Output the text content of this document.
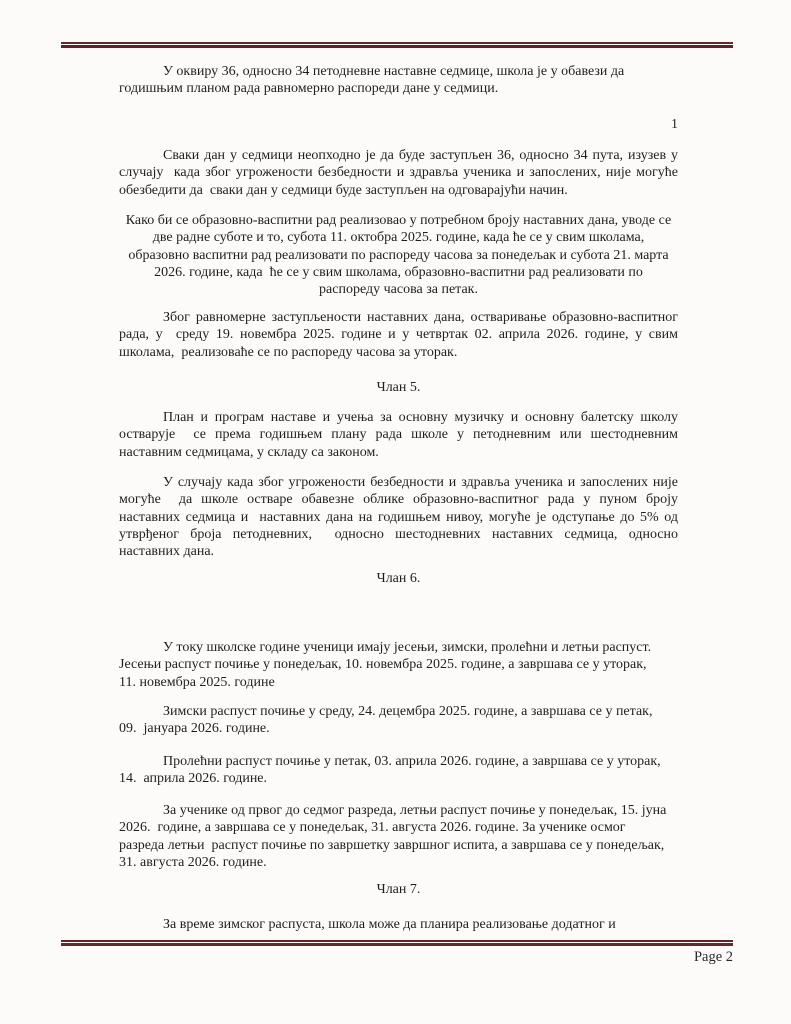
У оквиру 36, односно 34 петодневне наставне седмице, школа је у обавези да
годишњим планом рада равномерно распореди дане у седмици.
1
Сваки дан у седмици неопходно је да буде заступљен 36, односно 34 пута, изузев у
случају  када због угрожености безбедности и здравља ученика и запослених, није могуће
обезбедити да  сваки дан у седмици буде заступљен на одговарајући начин.
Како би се образовно-васпитни рад реализовао у потребном броју наставних дана, уводе се
две радне суботе и то, субота 11. октобра 2025. године, када ће се у свим школама,
образовно васпитни рад реализовати по распореду часова за понедељак и субота 21. марта
2026. године, када  ће се у свим школама, образовно-васпитни рад реализовати по
распореду часова за петак.
Због равномерне заступљености наставних дана, остваривање образовно-васпитног
рада, у  среду 19. новембра 2025. године и у четвртак 02. априла 2026. године, у свим
школама,  реализоваће се по распореду часова за уторак.
Члан 5.
План и програм наставе и учења за основну музичку и основну балетску школу
остварује  се према годишњем плану рада школе у петодневним или шестодневним
наставним седмицама, у складу са законом.
У случају када због угрожености безбедности и здравља ученика и запослених није
могуће  да школе остваре обавезне облике образовно-васпитног рада у пуном броју
наставних седмица и  наставних дана на годишњем нивоу, могуће је одступање до 5% од
утврђеног броја петодневних,  односно шестодневних наставних седмица, односно
наставних дана.
Члан 6.
У току школске године ученици имају јесењи, зимски, пролећни и летњи распуст.
Јесењи распуст почиње у понедељак, 10. новембра 2025. године, а завршава се у уторак,
11. новембра 2025. године
Зимски распуст почиње у среду, 24. децембра 2025. године, а завршава се у петак,
09.  јануара 2026. године.
Пролећни распуст почиње у петак, 03. априла 2026. године, а завршава се у уторак,
14.  априла 2026. године.
За ученике од првог до седмог разреда, летњи распуст почиње у понедељак, 15. јуна
2026.  године, а завршава се у понедељак, 31. августа 2026. године. За ученике осмог
разреда летњи  распуст почиње по завршетку завршног испита, а завршава се у понедељак,
31. августа 2026. године.
Члан 7.
За време зимског распуста, школа може да планира реализовање додатног и
Page 2
